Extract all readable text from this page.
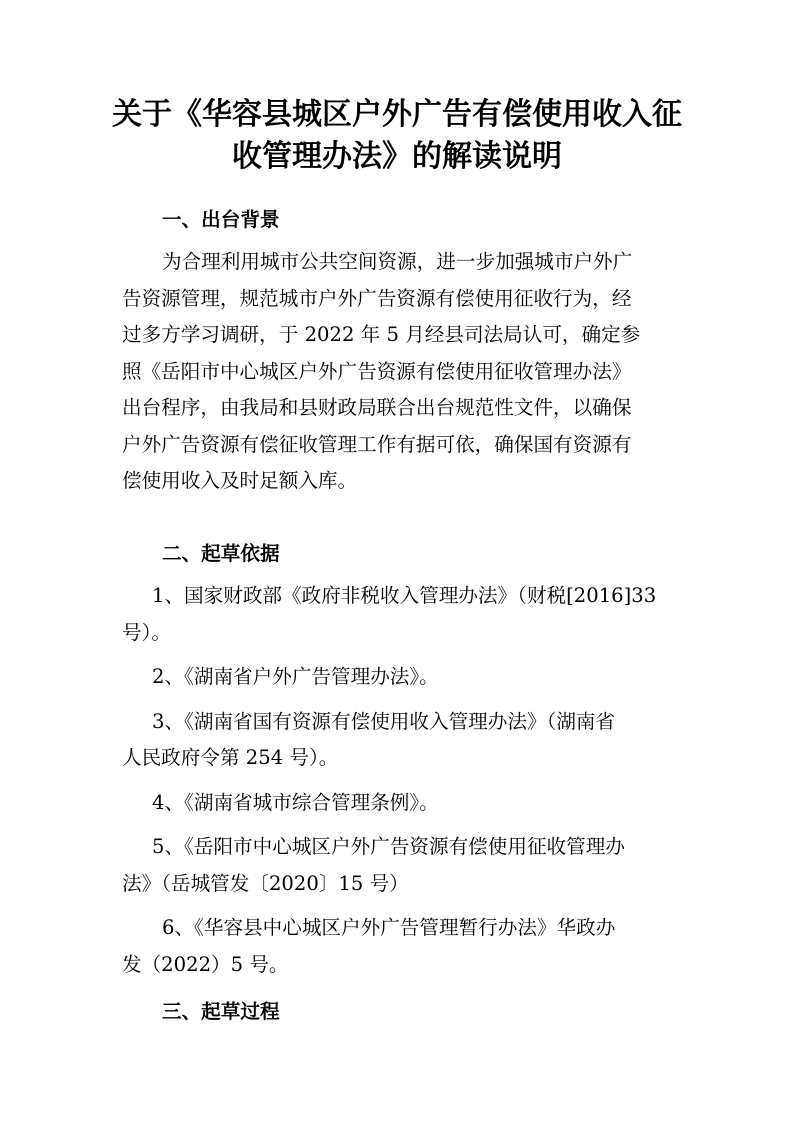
关于《华容县城区户外广告有偿使用收入征
收管理办法》的解读说明
一、出台背景
为合理利用城市公共空间资源，进一步加强城市户外广
告资源管理，规范城市户外广告资源有偿使用征收行为，经
过多方学习调研，于 2022 年 5 月经县司法局认可，确定参
照《岳阳市中心城区户外广告资源有偿使用征收管理办法》
出台程序，由我局和县财政局联合出台规范性文件，以确保
户外广告资源有偿征收管理工作有据可依，确保国有资源有
偿使用收入及时足额入库。
二、起草依据
1、国家财政部《政府非税收入管理办法》（财税[2016]33
号）。
2、《湖南省户外广告管理办法》。
3、《湖南省国有资源有偿使用收入管理办法》（湖南省
人民政府令第 254 号）。
4、《湖南省城市综合管理条例》。
5、《岳阳市中心城区户外广告资源有偿使用征收管理办
法》（岳城管发〔2020〕15 号）
6、《华容县中心城区户外广告管理暂行办法》华政办
发（2022）5 号。
三、起草过程
